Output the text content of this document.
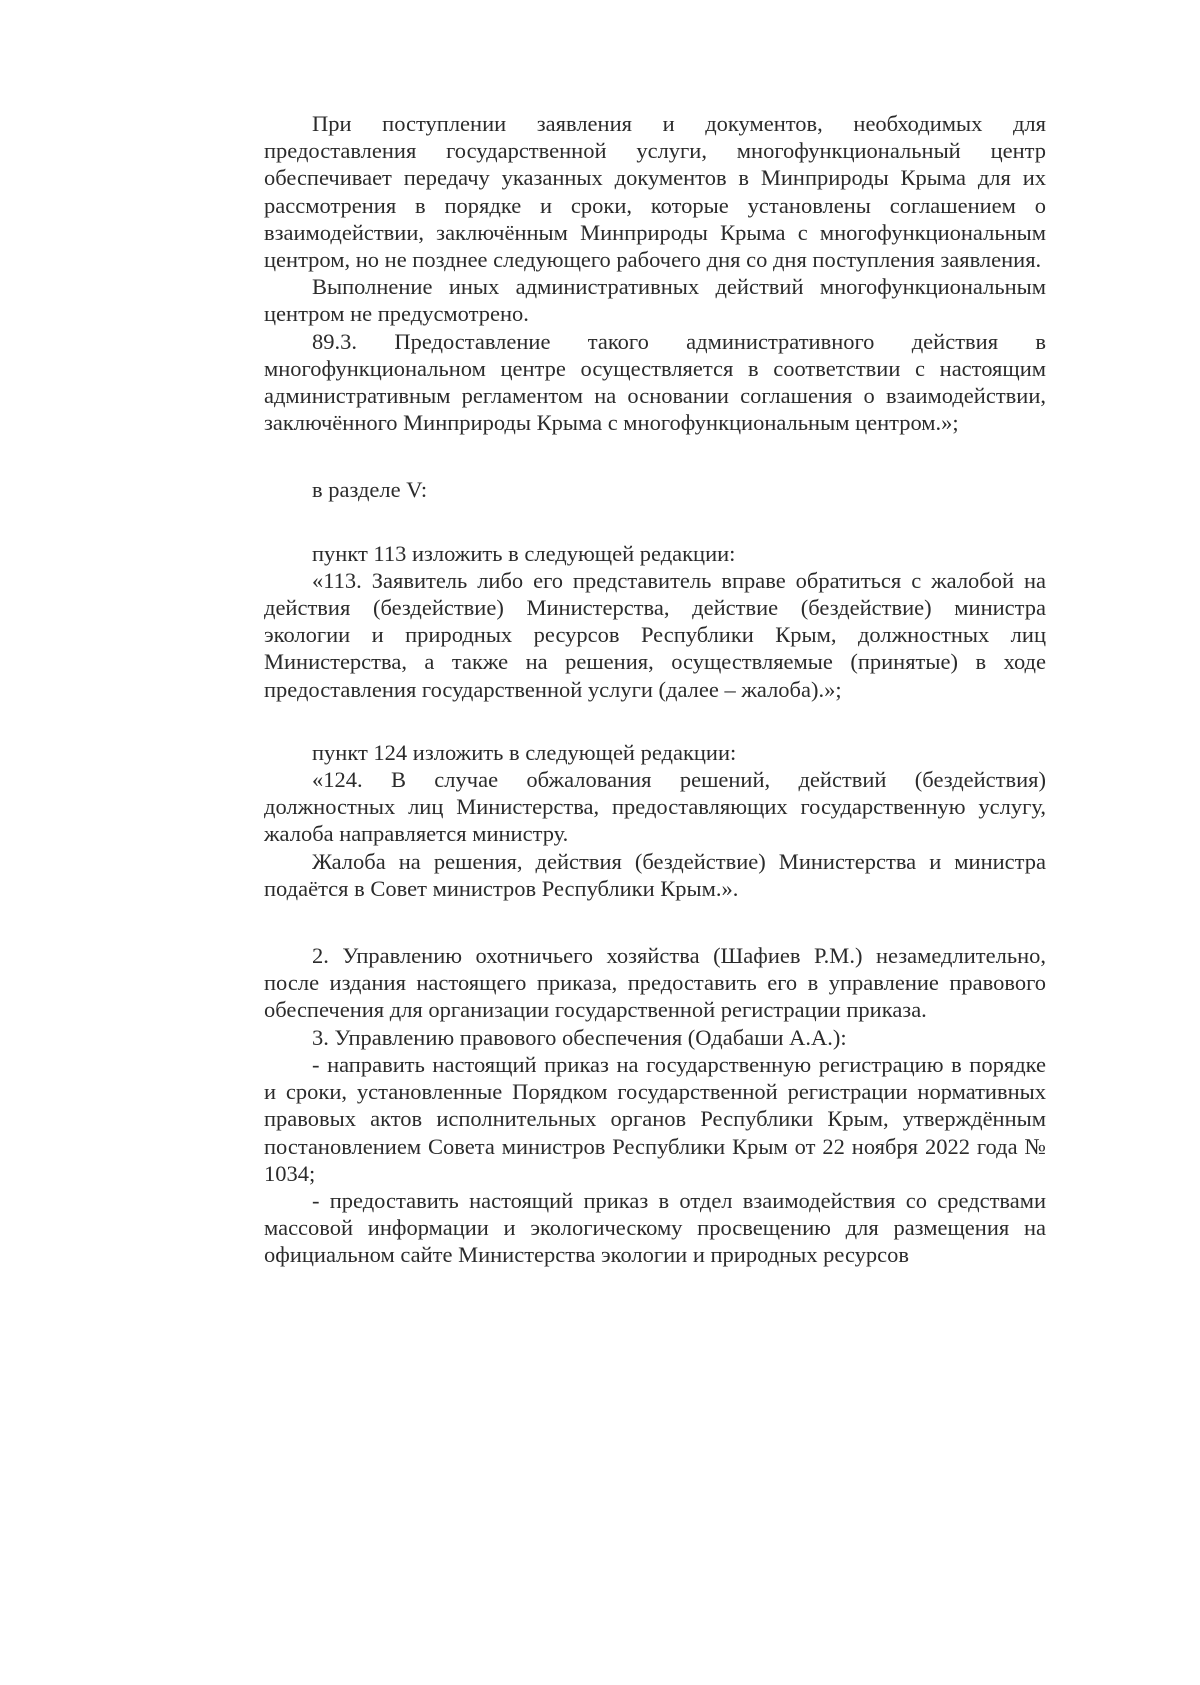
При поступлении заявления и документов, необходимых для предоставления государственной услуги, многофункциональный центр обеспечивает передачу указанных документов в Минприроды Крыма для их рассмотрения в порядке и сроки, которые установлены соглашением о взаимодействии, заключённым Минприроды Крыма с многофункциональным центром, но не позднее следующего рабочего дня со дня поступления заявления.

Выполнение иных административных действий многофункциональным центром не предусмотрено.

89.3. Предоставление такого административного действия в многофункциональном центре осуществляется в соответствии с настоящим административным регламентом на основании соглашения о взаимодействии, заключённого Минприроды Крыма с многофункциональным центром.»;

в разделе V:

пункт 113 изложить в следующей редакции:

«113. Заявитель либо его представитель вправе обратиться с жалобой на действия (бездействие) Министерства, действие (бездействие) министра экологии и природных ресурсов Республики Крым, должностных лиц Министерства, а также на решения, осуществляемые (принятые) в ходе предоставления государственной услуги (далее – жалоба).»;

пункт 124 изложить в следующей редакции:

«124. В случае обжалования решений, действий (бездействия) должностных лиц Министерства, предоставляющих государственную услугу, жалоба направляется министру.

Жалоба на решения, действия (бездействие) Министерства и министра подаётся в Совет министров Республики Крым.».

2. Управлению охотничьего хозяйства (Шафиев Р.М.) незамедлительно, после издания настоящего приказа, предоставить его в управление правового обеспечения для организации государственной регистрации приказа.

3. Управлению правового обеспечения (Одабаши А.А.):

- направить настоящий приказ на государственную регистрацию в порядке и сроки, установленные Порядком государственной регистрации нормативных правовых актов исполнительных органов Республики Крым, утверждённым постановлением Совета министров Республики Крым от 22 ноября 2022 года № 1034;

- предоставить настоящий приказ в отдел взаимодействия со средствами массовой информации и экологическому просвещению для размещения на официальном сайте Министерства экологии и природных ресурсов
